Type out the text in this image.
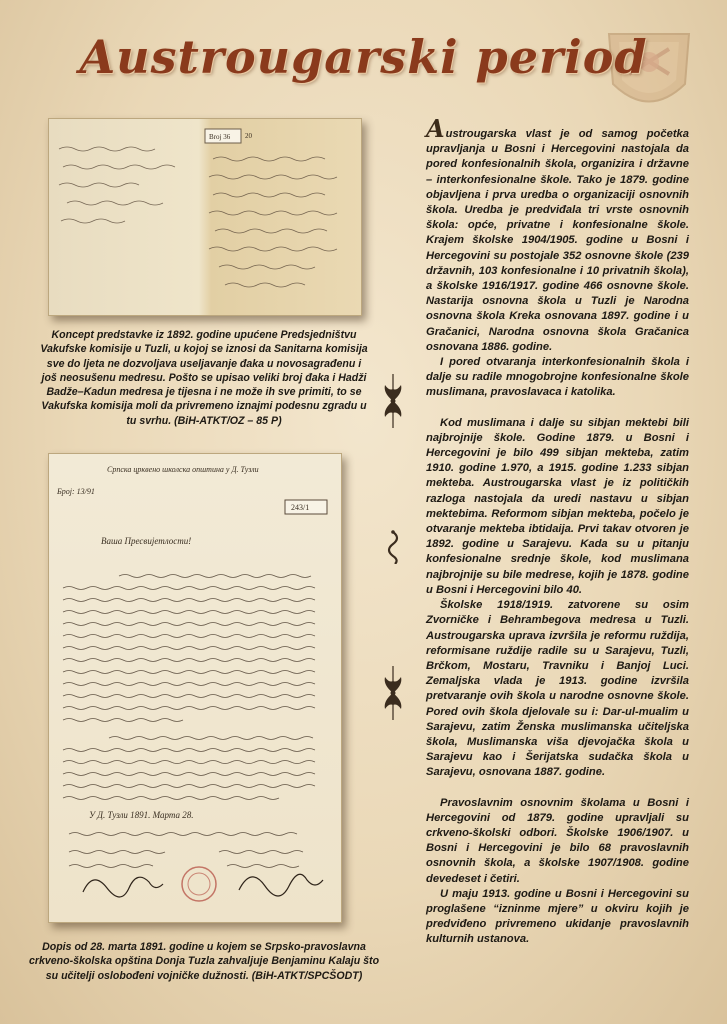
Austrougarski period
Broj 36 20
Koncept predstavke iz 1892. godine upućene Predsjedništvu Vakufske komisije u Tuzli, u kojoj se iznosi da Sanitarna komisija sve do ljeta ne dozvoljava useljavanje đaka u novosagrađenu i još neosušenu medresu. Pošto se upisao veliki broj đaka i Hadži Badže–Kadun medresa je tijesna i ne može ih sve primiti, to se Vakufska komisija moli da privremeno iznajmi podesnu zgradu u tu svrhu. (BiH-ATKT/OZ – 85 P)
Српска црквено школска општина у Д. Тузли
Број: 13/91
243/1
Ваша Пресвијетлости!
У Д. Тузли 1891. Марта 28.
Dopis od 28. marta 1891. godine u kojem se Srpsko-pravoslavna crkveno-školska opština Donja Tuzla zahvaljuje Benjaminu Kalaju što su učitelji oslobođeni vojničke dužnosti. (BiH-ATKT/SPCŠODT)

Austrougarska vlast je od samog početka upravljanja u Bosni i Hercegovini nastojala da pored konfesionalnih škola, organizira i državne – interkonfesionalne škole. Tako je 1879. godine objavljena i prva uredba o organizaciji osnovnih škola. Uredba je predviđala tri vrste osnovnih škola: opće, privatne i konfesionalne škole. Krajem školske 1904/1905. godine u Bosni i Hercegovini su postojale 352 osnovne škole (239 državnih, 103 konfesionalne i 10 privatnih škola), a školske 1916/1917. godine 466 osnovne škole. Nastarija osnovna škola u Tuzli je Narodna osnovna škola Kreka osnovana 1897. godine i u Gračanici, Narodna osnovna škola Gračanica osnovana 1886. godine.

I pored otvaranja interkonfesionalnih škola i dalje su radile mnogobrojne konfesionalne škole muslimana, pravoslavaca i katolika.

Kod muslimana i dalje su sibjan mektebi bili najbrojnije škole. Godine 1879. u Bosni i Hercegovini je bilo 499 sibjan mekteba, zatim 1910. godine 1.970, a 1915. godine 1.233 sibjan mekteba. Austrougarska vlast je iz političkih razloga nastojala da uredi nastavu u sibjan mektebima. Reformom sibjan mekteba, počelo je otvaranje mekteba ibtidaija. Prvi takav otvoren je 1892. godine u Sarajevu. Kada su u pitanju konfesionalne srednje škole, kod muslimana najbrojnije su bile medrese, kojih je 1878. godine u Bosni i Hercegovini bilo 40.

Školske 1918/1919. zatvorene su osim Zvorničke i Behrambegova medresa u Tuzli. Austrougarska uprava izvršila je reformu ruždija, reformisane ruždije radile su u Sarajevu, Tuzli, Brčkom, Mostaru, Travniku i Banjoj Luci. Zemaljska vlada je 1913. godine izvršila pretvaranje ovih škola u narodne osnovne škole. Pored ovih škola djelovale su i: Dar-ul-mualim u Sarajevu, zatim Ženska muslimanska učiteljska škola, Muslimanska viša djevojačka škola u Sarajevu kao i Šerijatska sudačka škola u Sarajevu, osnovana 1887. godine.

Pravoslavnim osnovnim školama u Bosni i Hercegovini od 1879. godine upravljali su crkveno-školski odbori. Školske 1906/1907. u Bosni i Hercegovini je bilo 68 pravoslavnih osnovnih škola, a školske 1907/1908. godine devedeset i četiri.

U maju 1913. godine u Bosni i Hercegovini su proglašene “izninme mjere” u okviru kojih je predviđeno privremeno ukidanje pravoslavnih kulturnih ustanova.
